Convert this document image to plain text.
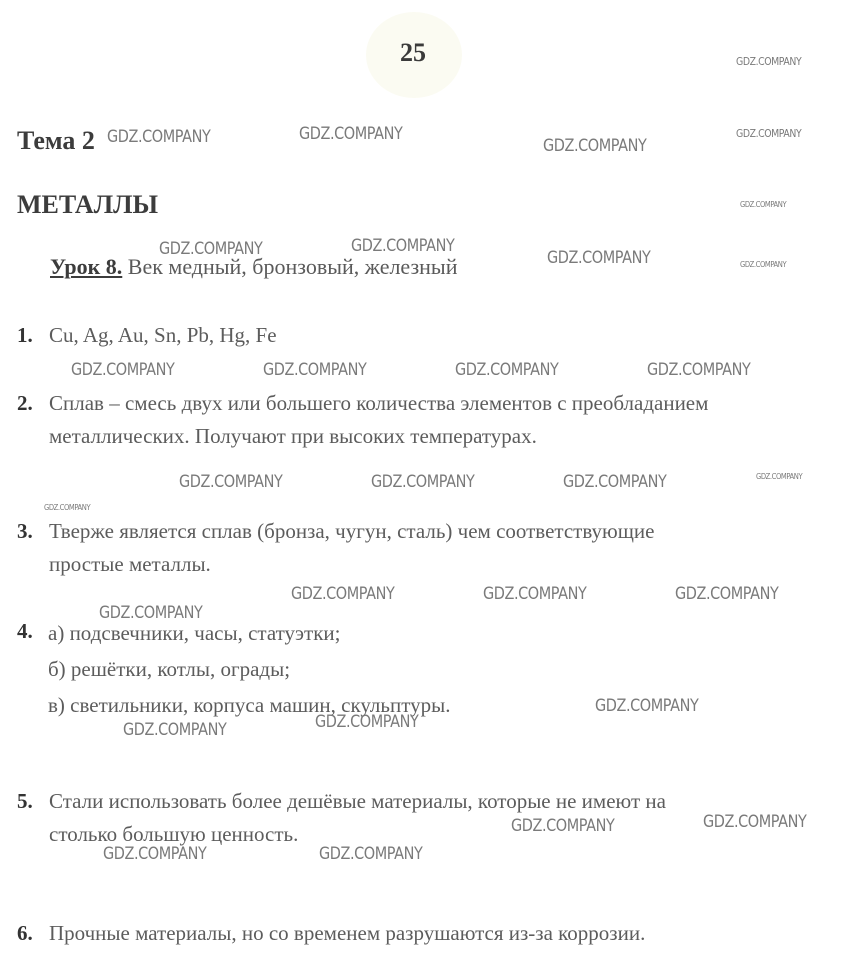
25
Тема 2
МЕТАЛЛЫ
Урок 8. Век медный, бронзовый, железный
1. Cu, Ag, Au, Sn, Pb, Hg, Fe
2. Сплав – смесь двух или большего количества элементов с преобладанием
металлических. Получают при высоких температурах.
3. Тверже является сплав (бронза, чугун, сталь) чем соответствующие
простые металлы.
4. а) подсвечники, часы, статуэтки;
б) решётки, котлы, ограды;
в) светильники, корпуса машин, скульптуры.
5. Стали использовать более дешёвые материалы, которые не имеют на
столько большую ценность.
6. Прочные материалы, но со временем разрушаются из-за коррозии.
GDZ.COMPANY
GDZ.COMPANY	GDZ.COMPANY
GDZ.COMPANY
GDZ.COMPANY
GDZ.COMPANY
GDZ.COMPANY	GDZ.COMPANY
GDZ.COMPANY	GDZ.COMPANY
GDZ.COMPANY	GDZ.COMPANY	GDZ.COMPANY	GDZ.COMPANY
GDZ.COMPANY	GDZ.COMPANY	GDZ.COMPANY	GDZ.COMPANY
GDZ.COMPANY
GDZ.COMPANY	GDZ.COMPANY	GDZ.COMPANY
GDZ.COMPANY
GDZ.COMPANY
GDZ.COMPANY
GDZ.COMPANY
GDZ.COMPANY
GDZ.COMPANY
GDZ.COMPANY	GDZ.COMPANY
